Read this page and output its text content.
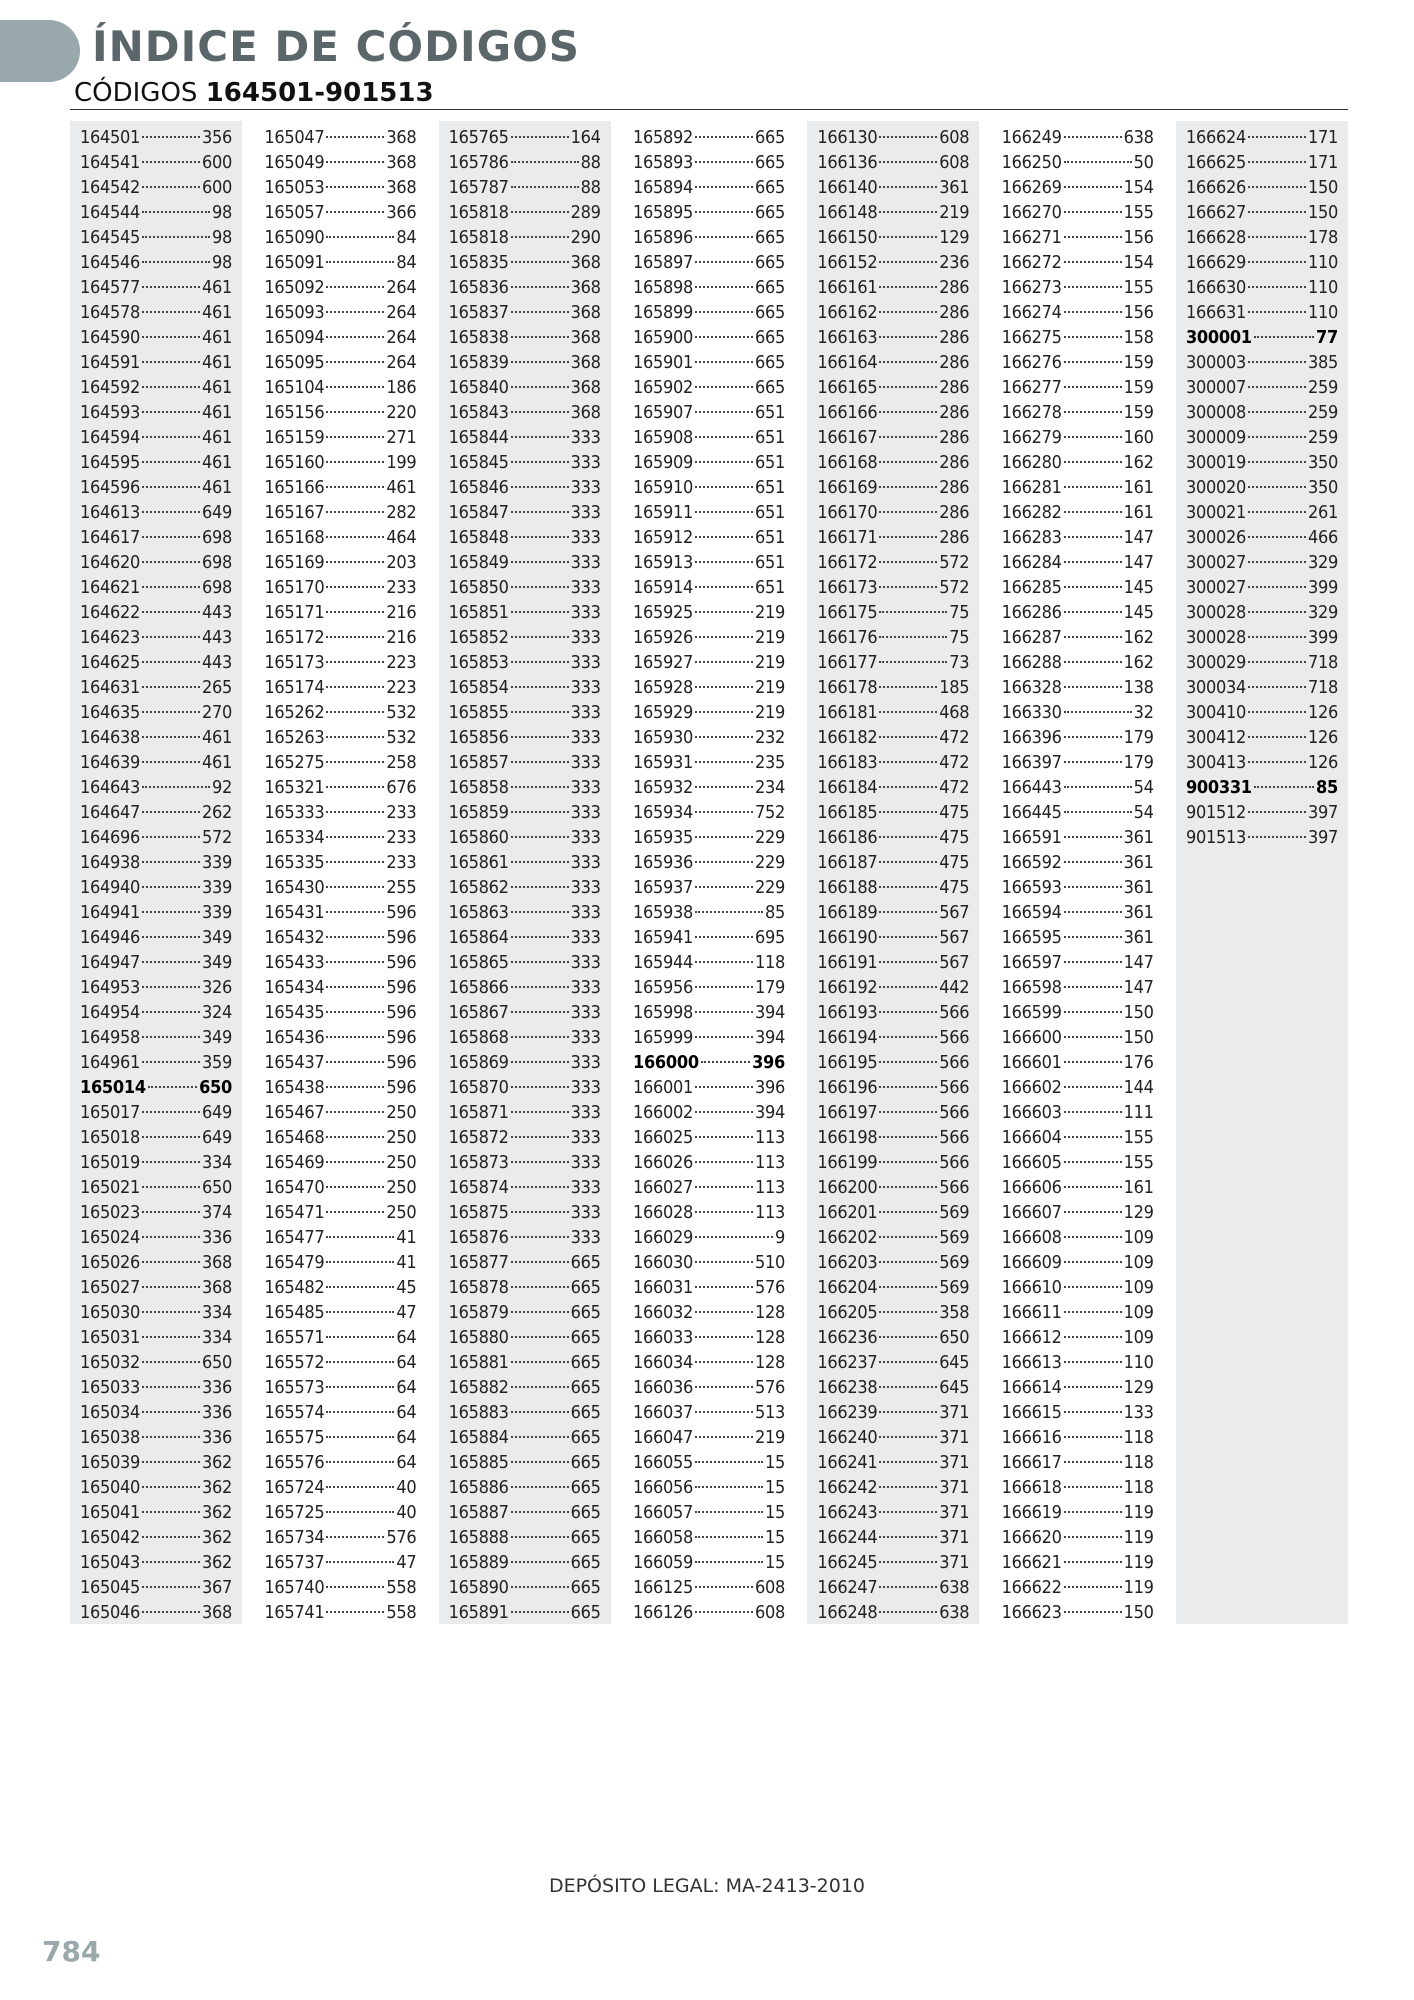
ÍNDICE DE CÓDIGOS
CÓDIGOS 164501-901513
164501	356
164541	600
164542	600
164544	98
164545	98
164546	98
164577	461
164578	461
164590	461
164591	461
164592	461
164593	461
164594	461
164595	461
164596	461
164613	649
164617	698
164620	698
164621	698
164622	443
164623	443
164625	443
164631	265
164635	270
164638	461
164639	461
164643	92
164647	262
164696	572
164938	339
164940	339
164941	339
164946	349
164947	349
164953	326
164954	324
164958	349
164961	359
165014	650
165017	649
165018	649
165019	334
165021	650
165023	374
165024	336
165026	368
165027	368
165030	334
165031	334
165032	650
165033	336
165034	336
165038	336
165039	362
165040	362
165041	362
165042	362
165043	362
165045	367
165046	368
165047	368
165049	368
165053	368
165057	366
165090	84
165091	84
165092	264
165093	264
165094	264
165095	264
165104	186
165156	220
165159	271
165160	199
165166	461
165167	282
165168	464
165169	203
165170	233
165171	216
165172	216
165173	223
165174	223
165262	532
165263	532
165275	258
165321	676
165333	233
165334	233
165335	233
165430	255
165431	596
165432	596
165433	596
165434	596
165435	596
165436	596
165437	596
165438	596
165467	250
165468	250
165469	250
165470	250
165471	250
165477	41
165479	41
165482	45
165485	47
165571	64
165572	64
165573	64
165574	64
165575	64
165576	64
165724	40
165725	40
165734	576
165737	47
165740	558
165741	558
165765	164
165786	88
165787	88
165818	289
165818	290
165835	368
165836	368
165837	368
165838	368
165839	368
165840	368
165843	368
165844	333
165845	333
165846	333
165847	333
165848	333
165849	333
165850	333
165851	333
165852	333
165853	333
165854	333
165855	333
165856	333
165857	333
165858	333
165859	333
165860	333
165861	333
165862	333
165863	333
165864	333
165865	333
165866	333
165867	333
165868	333
165869	333
165870	333
165871	333
165872	333
165873	333
165874	333
165875	333
165876	333
165877	665
165878	665
165879	665
165880	665
165881	665
165882	665
165883	665
165884	665
165885	665
165886	665
165887	665
165888	665
165889	665
165890	665
165891	665
165892	665
165893	665
165894	665
165895	665
165896	665
165897	665
165898	665
165899	665
165900	665
165901	665
165902	665
165907	651
165908	651
165909	651
165910	651
165911	651
165912	651
165913	651
165914	651
165925	219
165926	219
165927	219
165928	219
165929	219
165930	232
165931	235
165932	234
165934	752
165935	229
165936	229
165937	229
165938	85
165941	695
165944	118
165956	179
165998	394
165999	394
166000	396
166001	396
166002	394
166025	113
166026	113
166027	113
166028	113
166029	9
166030	510
166031	576
166032	128
166033	128
166034	128
166036	576
166037	513
166047	219
166055	15
166056	15
166057	15
166058	15
166059	15
166125	608
166126	608
166130	608
166136	608
166140	361
166148	219
166150	129
166152	236
166161	286
166162	286
166163	286
166164	286
166165	286
166166	286
166167	286
166168	286
166169	286
166170	286
166171	286
166172	572
166173	572
166175	75
166176	75
166177	73
166178	185
166181	468
166182	472
166183	472
166184	472
166185	475
166186	475
166187	475
166188	475
166189	567
166190	567
166191	567
166192	442
166193	566
166194	566
166195	566
166196	566
166197	566
166198	566
166199	566
166200	566
166201	569
166202	569
166203	569
166204	569
166205	358
166236	650
166237	645
166238	645
166239	371
166240	371
166241	371
166242	371
166243	371
166244	371
166245	371
166247	638
166248	638
166249	638
166250	50
166269	154
166270	155
166271	156
166272	154
166273	155
166274	156
166275	158
166276	159
166277	159
166278	159
166279	160
166280	162
166281	161
166282	161
166283	147
166284	147
166285	145
166286	145
166287	162
166288	162
166328	138
166330	32
166396	179
166397	179
166443	54
166445	54
166591	361
166592	361
166593	361
166594	361
166595	361
166597	147
166598	147
166599	150
166600	150
166601	176
166602	144
166603	111
166604	155
166605	155
166606	161
166607	129
166608	109
166609	109
166610	109
166611	109
166612	109
166613	110
166614	129
166615	133
166616	118
166617	118
166618	118
166619	119
166620	119
166621	119
166622	119
166623	150
166624	171
166625	171
166626	150
166627	150
166628	178
166629	110
166630	110
166631	110
300001	77
300003	385
300007	259
300008	259
300009	259
300019	350
300020	350
300021	261
300026	466
300027	329
300027	399
300028	329
300028	399
300029	718
300034	718
300410	126
300412	126
300413	126
900331	85
901512	397
901513	397
DEPÓSITO LEGAL: MA-2413-2010
784
